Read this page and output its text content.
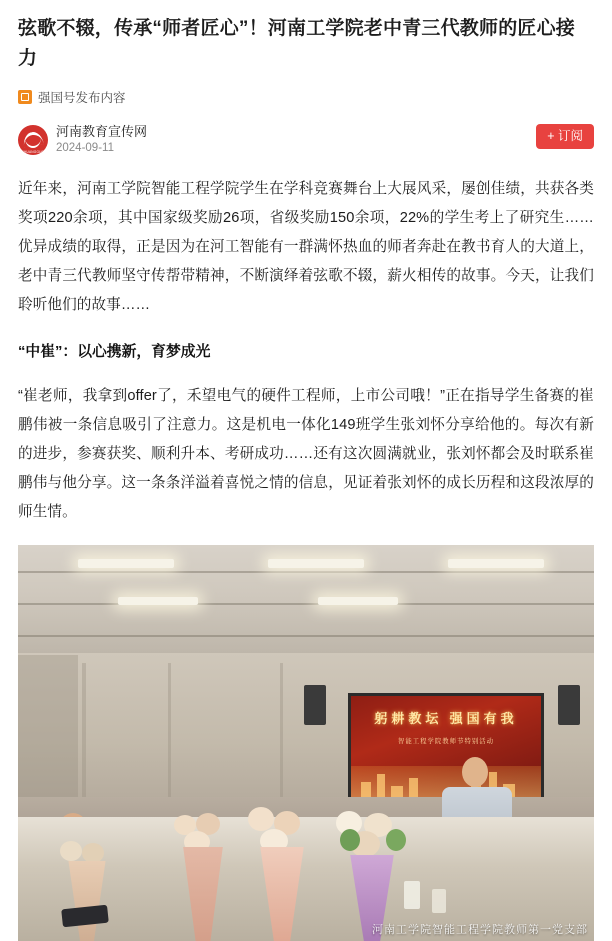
弦歌不辍，传承“师者匠心”！河南工学院老中青三代教师的匠心接力
强国号发布内容
SHUANGGUO
河南教育宣传网
2024-09-11
+ 订阅

近年来，河南工学院智能工程学院学生在学科竞赛舞台上大展风采，屡创佳绩，共获各类奖项220余项，其中国家级奖励26项，省级奖励150余项，22%的学生考上了研究生……优异成绩的取得，正是因为在河工智能有一群满怀热血的师者奔赴在教书育人的大道上，老中青三代教师坚守传帮带精神，不断演绎着弦歌不辍，薪火相传的故事。今天，让我们聆听他们的故事……

“中崔”：以心携新，育梦成光

“崔老师，我拿到offer了，禾望电气的硬件工程师，上市公司哦！”正在指导学生备赛的崔鹏伟被一条信息吸引了注意力。这是机电一体化149班学生张刘怀分享给他的。每次有新的进步，参赛获奖、顺利升本、考研成功……还有这次圆满就业，张刘怀都会及时联系崔鹏伟与他分享。这一条条洋溢着喜悦之情的信息，见证着张刘怀的成长历程和这段浓厚的师生情。

躬耕教坛 强国有我
智能工程学院教师节特别活动
河南工学院智能工程学院教师第一党支部
